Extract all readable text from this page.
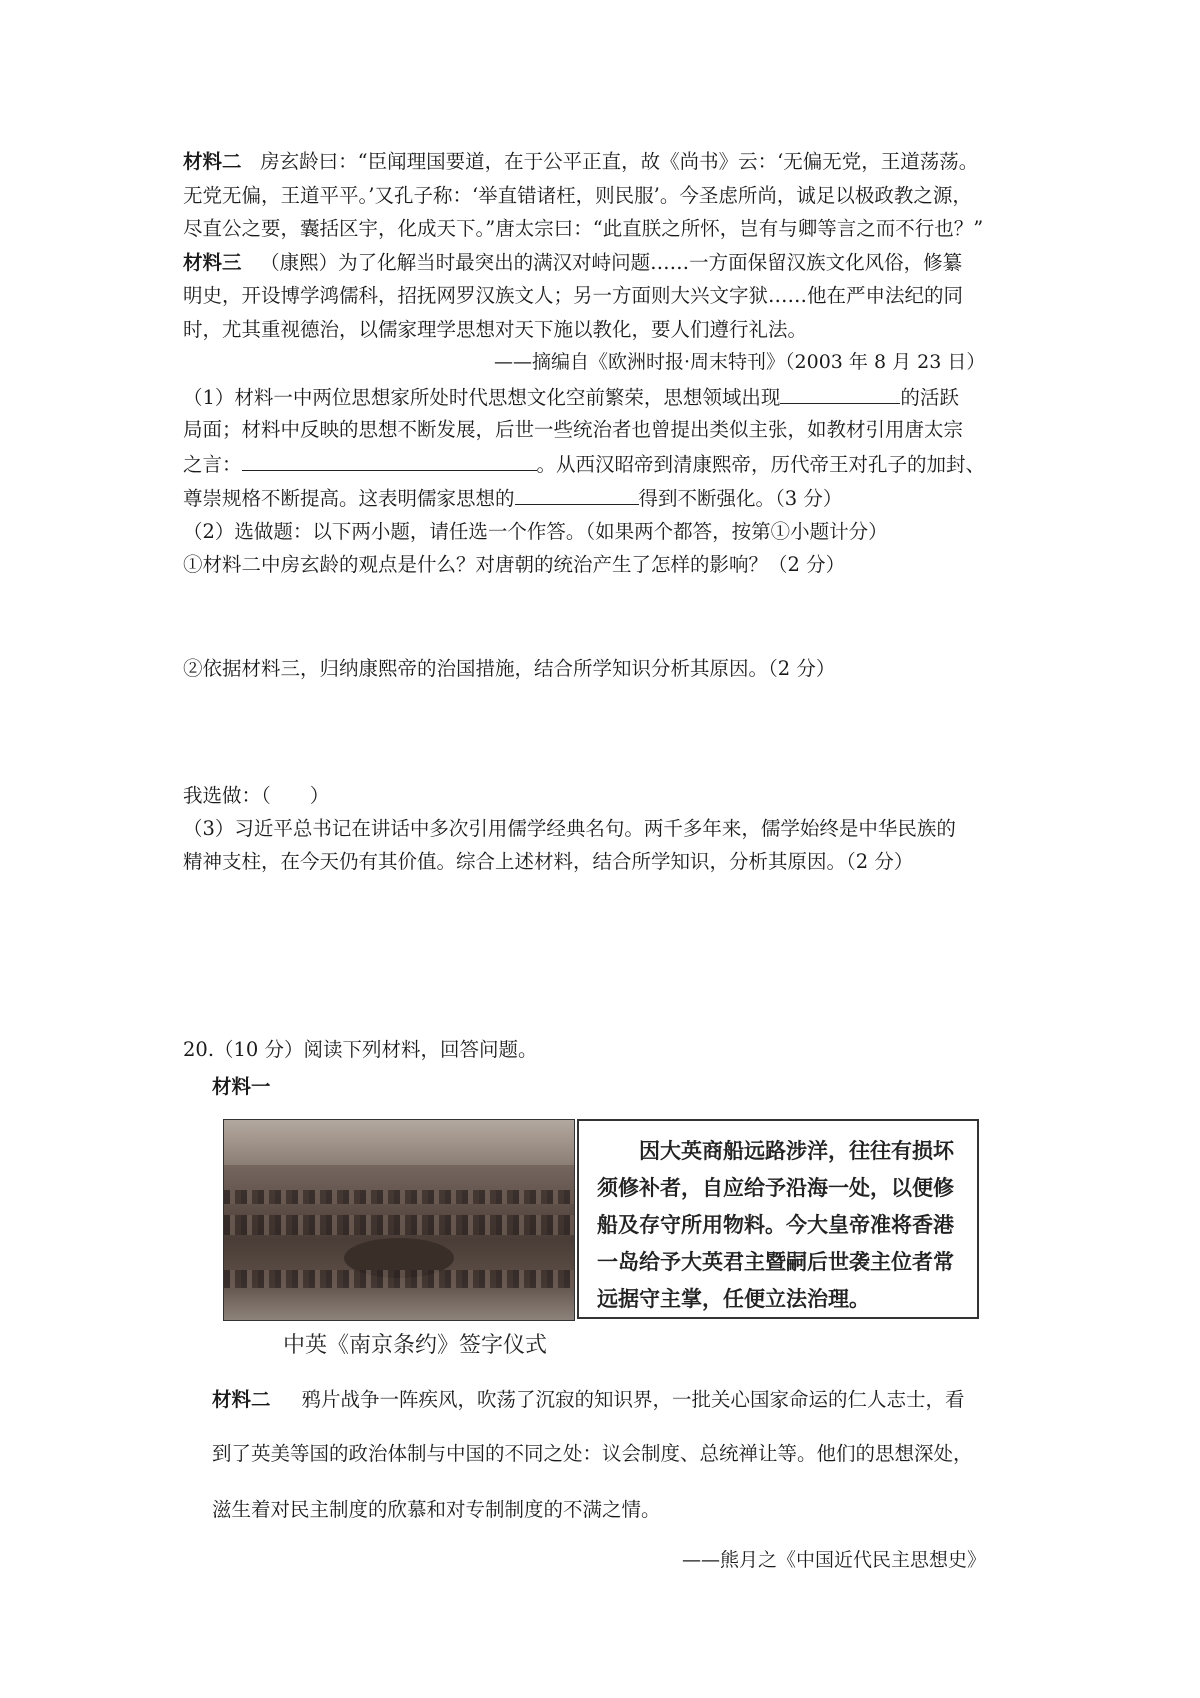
材料二 房玄龄曰：“臣闻理国要道，在于公平正直，故《尚书》云：‘无偏无党，王道荡荡。
无党无偏，王道平平。’又孔子称：‘举直错诸枉，则民服’。今圣虑所尚，诚足以极政教之源，
尽直公之要，囊括区宇，化成天下。”唐太宗曰：“此直朕之所怀，岂有与卿等言之而不行也？”
材料三 （康熙）为了化解当时最突出的满汉对峙问题……一方面保留汉族文化风俗，修纂
明史，开设博学鸿儒科，招抚网罗汉族文人；另一方面则大兴文字狱……他在严申法纪的同
时，尤其重视德治，以儒家理学思想对天下施以教化，要人们遵行礼法。
——摘编自《欧洲时报·周末特刊》（2003 年 8 月 23 日）
（1）材料一中两位思想家所处时代思想文化空前繁荣，思想领域出现	的活跃
局面；材料中反映的思想不断发展，后世一些统治者也曾提出类似主张，如教材引用唐太宗
之言：	。从西汉昭帝到清康熙帝，历代帝王对孔子的加封、
尊崇规格不断提高。这表明儒家思想的	得到不断强化。（3 分）
（2）选做题：以下两小题，请任选一个作答。（如果两个都答，按第①小题计分）
①材料二中房玄龄的观点是什么？对唐朝的统治产生了怎样的影响？（2 分）
②依据材料三，归纳康熙帝的治国措施，结合所学知识分析其原因。（2 分）
我选做：（　　）
（3）习近平总书记在讲话中多次引用儒学经典名句。两千多年来，儒学始终是中华民族的
精神支柱，在今天仍有其价值。综合上述材料，结合所学知识，分析其原因。（2 分）
20.（10 分）阅读下列材料，回答问题。
材料一
　　因大英商船远路涉洋，往往有损坏
须修补者，自应给予沿海一处，以便修
船及存守所用物料。今大皇帝准将香港
一岛给予大英君主暨嗣后世袭主位者常
远据守主掌，任便立法治理。
中英《南京条约》签字仪式
材料二 鸦片战争一阵疾风，吹荡了沉寂的知识界，一批关心国家命运的仁人志士，看
到了英美等国的政治体制与中国的不同之处：议会制度、总统禅让等。他们的思想深处，
滋生着对民主制度的欣慕和对专制制度的不满之情。
——熊月之《中国近代民主思想史》
